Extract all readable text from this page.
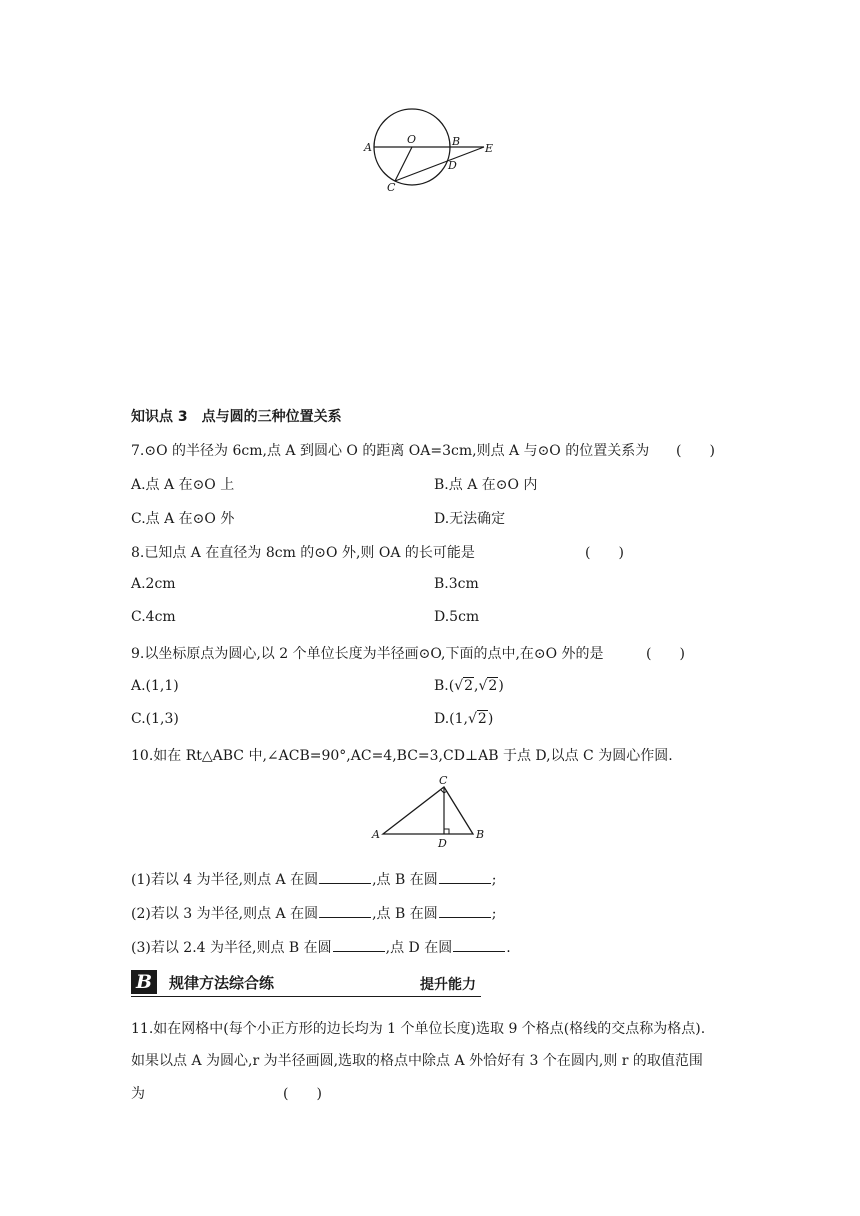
A
O	B
E
D
C
知识点 3　点与圆的三种位置关系
7.⊙O 的半径为 6cm,点 A 到圆心 O 的距离 OA=3cm,则点 A 与⊙O 的位置关系为 (　　)
A.点 A 在⊙O 上	B.点 A 在⊙O 内
C.点 A 在⊙O 外	D.无法确定
8.已知点 A 在直径为 8cm 的⊙O 外,则 OA 的长可能是	(　　)
A.2cm	B.3cm
C.4cm	D.5cm
9.以坐标原点为圆心,以 2 个单位长度为半径画⊙O,下面的点中,在⊙O 外的是	(　　)
A.(1,1)	B.(√2,√2)
C.(1,3)	D.(1,√2)
10.如在 Rt△ABC 中,∠ACB=90°,AC=4,BC=3,CD⊥AB 于点 D,以点 C 为圆心作圆.
C
A	B
D
(1)若以 4 为半径,则点 A 在圆	,点 B 在圆	;
(2)若以 3 为半径,则点 A 在圆	,点 B 在圆	;
(3)若以 2.4 为半径,则点 B 在圆	,点 D 在圆	.
B	规律方法综合练	提升能力
11.如在网格中(每个小正方形的边长均为 1 个单位长度)选取 9 个格点(格线的交点称为格点).
如果以点 A 为圆心,r 为半径画圆,选取的格点中除点 A 外恰好有 3 个在圆内,则 r 的取值范围
为	(　　)
